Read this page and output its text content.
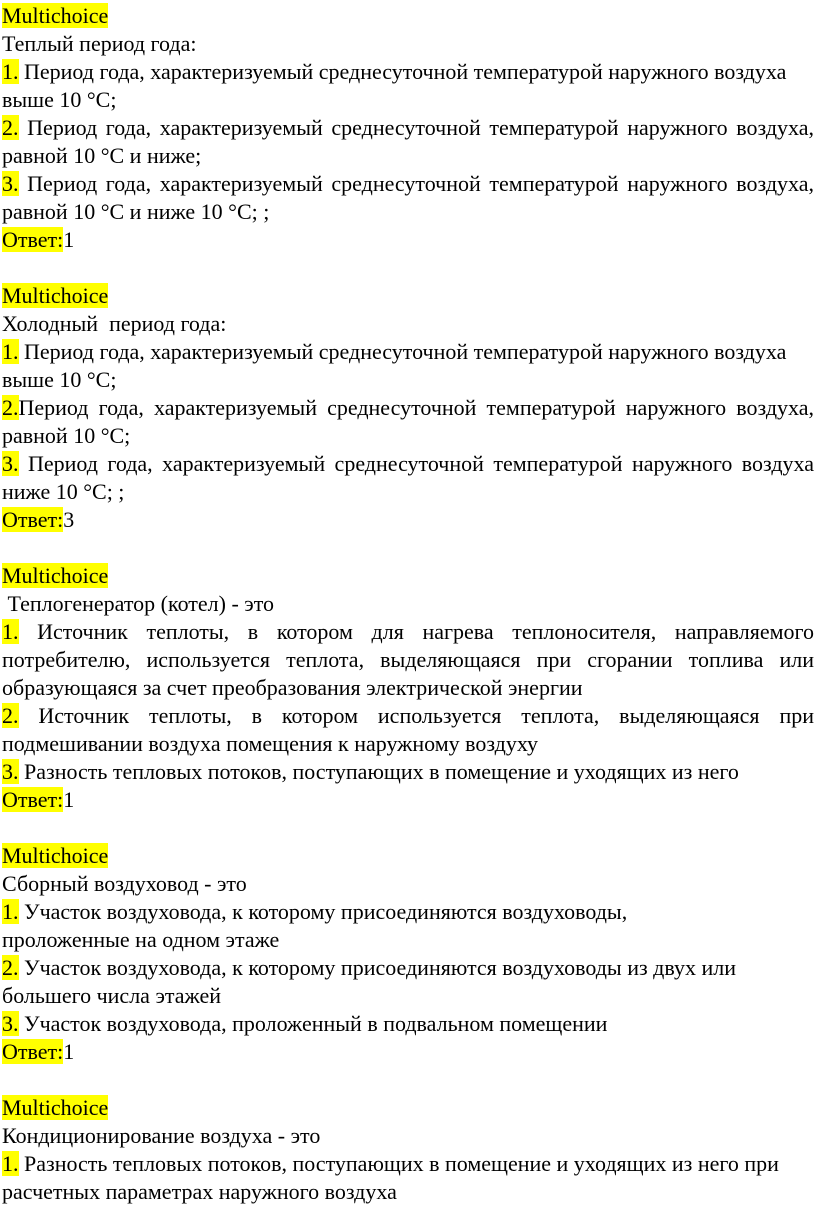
Multichoice
Теплый период года:
1. Период года, характеризуемый среднесуточной температурой наружного воздуха выше 10 °С;
2. Период года, характеризуемый среднесуточной температурой наружного воздуха, равной 10 °С и ниже;
3. Период года, характеризуемый среднесуточной температурой наружного воздуха, равной 10 °С и ниже 10 °С; ;
Ответ:1
Multichoice
Холодный  период года:
1. Период года, характеризуемый среднесуточной температурой наружного воздуха выше 10 °С;
2.Период года, характеризуемый среднесуточной температурой наружного воздуха, равной 10 °С;
3. Период года, характеризуемый среднесуточной температурой наружного воздуха ниже 10 °С; ;
Ответ:3
Multichoice
Теплогенератор (котел) - это
1. Источник теплоты, в котором для нагрева теплоносителя, направляемого потребителю, используется теплота, выделяющаяся при сгорании топлива или образующаяся за счет преобразования электрической энергии
2. Источник теплоты, в котором используется теплота, выделяющаяся при подмешивании воздуха помещения к наружному воздуху
3. Разность тепловых потоков, поступающих в помещение и уходящих из него
Ответ:1
Multichoice
Сборный воздуховод - это
1. Участок воздуховода, к которому присоединяются воздуховоды, проложенные на одном этаже
2. Участок воздуховода, к которому присоединяются воздуховоды из двух или большего числа этажей
3. Участок воздуховода, проложенный в подвальном помещении
Ответ:1
Multichoice
Кондиционирование воздуха - это
1. Разность тепловых потоков, поступающих в помещение и уходящих из него при расчетных параметрах наружного воздуха
